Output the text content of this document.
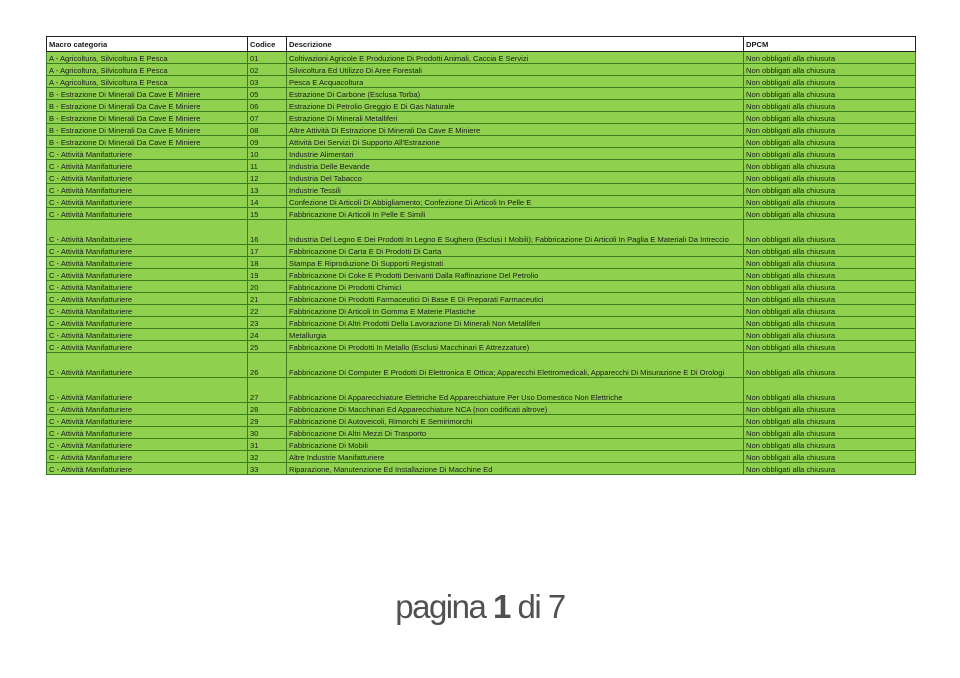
Macro categoria	Codice	Descrizione	DPCM
A - Agricoltura, Silvicoltura E Pesca	01	Coltivazioni Agricole E Produzione Di Prodotti Animali, Caccia E Servizi	Non obbligati alla chiusura
A - Agricoltura, Silvicoltura E Pesca	02	Silvicoltura Ed Utilizzo Di Aree Forestali	Non obbligati alla chiusura
A - Agricoltura, Silvicoltura E Pesca	03	Pesca E Acquacoltura	Non obbligati alla chiusura
B - Estrazione Di Minerali Da Cave E Miniere	05	Estrazione Di Carbone (Esclusa Torba)	Non obbligati alla chiusura
B - Estrazione Di Minerali Da Cave E Miniere	06	Estrazione Di Petrolio Greggio E Di Gas Naturale	Non obbligati alla chiusura
B - Estrazione Di Minerali Da Cave E Miniere	07	Estrazione Di Minerali Metalliferi	Non obbligati alla chiusura
B - Estrazione Di Minerali Da Cave E Miniere	08	Altre Attività Di Estrazione Di Minerali Da Cave E Miniere	Non obbligati alla chiusura
B - Estrazione Di Minerali Da Cave E Miniere	09	Attività Dei Servizi Di Supporto All'Estrazione	Non obbligati alla chiusura
C - Attività Manifatturiere	10	Industrie Alimentari	Non obbligati alla chiusura
C - Attività Manifatturiere	11	Industria Delle Bevande	Non obbligati alla chiusura
C - Attività Manifatturiere	12	Industria Del Tabacco	Non obbligati alla chiusura
C - Attività Manifatturiere	13	Industrie Tessili	Non obbligati alla chiusura
C - Attività Manifatturiere	14	Confezione Di Articoli Di Abbigliamento; Confezione Di Articoli In Pelle E	Non obbligati alla chiusura
C - Attività Manifatturiere	15	Fabbricazione Di Articoli In Pelle E Simili	Non obbligati alla chiusura
C - Attività Manifatturiere	16	Industria Del Legno E Dei Prodotti In Legno E Sughero (Esclusi I Mobili); Fabbricazione Di Articoli In Paglia E Materiali Da Intreccio	Non obbligati alla chiusura
C - Attività Manifatturiere	17	Fabbricazione Di Carta E Di Prodotti Di Carta	Non obbligati alla chiusura
C - Attività Manifatturiere	18	Stampa E Riproduzione Di Supporti Registrati	Non obbligati alla chiusura
C - Attività Manifatturiere	19	Fabbricazione Di Coke E Prodotti Derivanti Dalla Raffinazione Del Petrolio	Non obbligati alla chiusura
C - Attività Manifatturiere	20	Fabbricazione Di Prodotti Chimici	Non obbligati alla chiusura
C - Attività Manifatturiere	21	Fabbricazione Di Prodotti Farmaceutici Di Base E Di Preparati Farmaceutici	Non obbligati alla chiusura
C - Attività Manifatturiere	22	Fabbricazione Di Articoli In Gomma E Materie Plastiche	Non obbligati alla chiusura
C - Attività Manifatturiere	23	Fabbricazione Di Altri Prodotti Della Lavorazione Di Minerali Non Metalliferi	Non obbligati alla chiusura
C - Attività Manifatturiere	24	Metallurgia	Non obbligati alla chiusura
C - Attività Manifatturiere	25	Fabbricazione Di Prodotti In Metallo (Esclusi Macchinari E Attrezzature)	Non obbligati alla chiusura
C - Attività Manifatturiere	26	Fabbricazione Di Computer E Prodotti Di Elettronica E Ottica; Apparecchi Elettromedicali, Apparecchi Di Misurazione E Di Orologi	Non obbligati alla chiusura
C - Attività Manifatturiere	27	Fabbricazione Di Apparecchiature Elettriche Ed Apparecchiature Per Uso Domestico Non Elettriche	Non obbligati alla chiusura
C - Attività Manifatturiere	28	Fabbricazione Di Macchinari Ed Apparecchiature NCA (non codificati altrove)	Non obbligati alla chiusura
C - Attività Manifatturiere	29	Fabbricazione Di Autoveicoli, Rimorchi E Semirimorchi	Non obbligati alla chiusura
C - Attività Manifatturiere	30	Fabbricazione Di Altri Mezzi Di Trasporto	Non obbligati alla chiusura
C - Attività Manifatturiere	31	Fabbricazione Di Mobili	Non obbligati alla chiusura
C - Attività Manifatturiere	32	Altre Industrie Manifatturiere	Non obbligati alla chiusura
C - Attività Manifatturiere	33	Riparazione, Manutenzione Ed Installazione Di Macchine Ed	Non obbligati alla chiusura
pagina 1 di 7
